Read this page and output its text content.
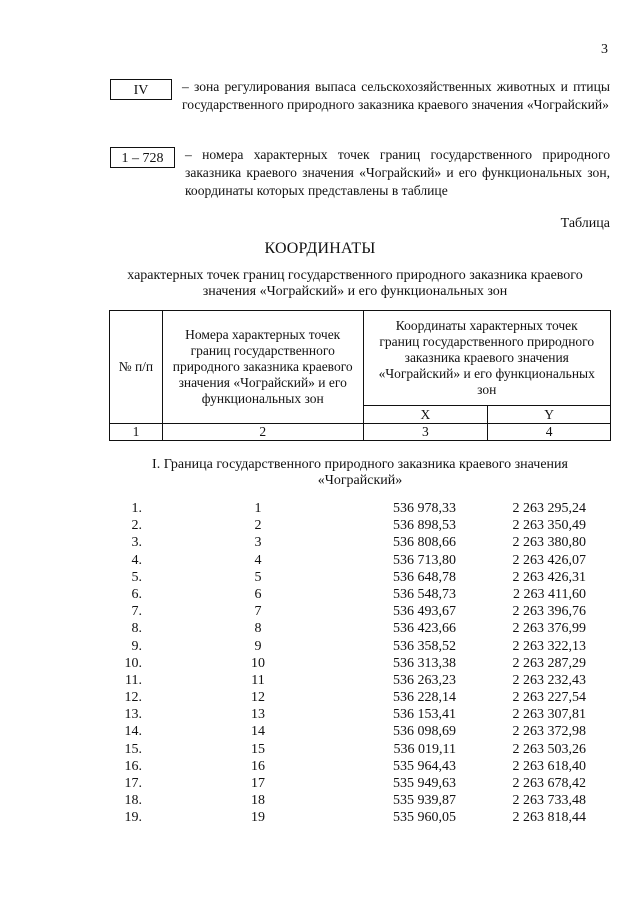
3
IV	– зона регулирования выпаса сельскохозяйственных животных и птицы государственного природного заказника краевого значения «Чограйский»
1 – 728	– номера характерных точек границ государственного природного заказника краевого значения «Чограйский» и его функциональных зон, координаты которых представлены в таблице
Таблица
КООРДИНАТЫ
характерных точек границ государственного природного заказника краевого значения «Чограйский» и его функциональных зон
№ п/п	Номера характерных точек границ государственного природного заказника краевого значения «Чограйский» и его функциональных зон	Координаты характерных точек границ государственного природного заказника краевого значения «Чограйский» и его функциональных зон	
		X	Y
1	2	3	4
I. Граница государственного природного заказника краевого значения «Чограйский»
1.	1	536 978,33	2 263 295,24
2.	2	536 898,53	2 263 350,49
3.	3	536 808,66	2 263 380,80
4.	4	536 713,80	2 263 426,07
5.	5	536 648,78	2 263 426,31
6.	6	536 548,73	2 263 411,60
7.	7	536 493,67	2 263 396,76
8.	8	536 423,66	2 263 376,99
9.	9	536 358,52	2 263 322,13
10.	10	536 313,38	2 263 287,29
11.	11	536 263,23	2 263 232,43
12.	12	536 228,14	2 263 227,54
13.	13	536 153,41	2 263 307,81
14.	14	536 098,69	2 263 372,98
15.	15	536 019,11	2 263 503,26
16.	16	535 964,43	2 263 618,40
17.	17	535 949,63	2 263 678,42
18.	18	535 939,87	2 263 733,48
19.	19	535 960,05	2 263 818,44
